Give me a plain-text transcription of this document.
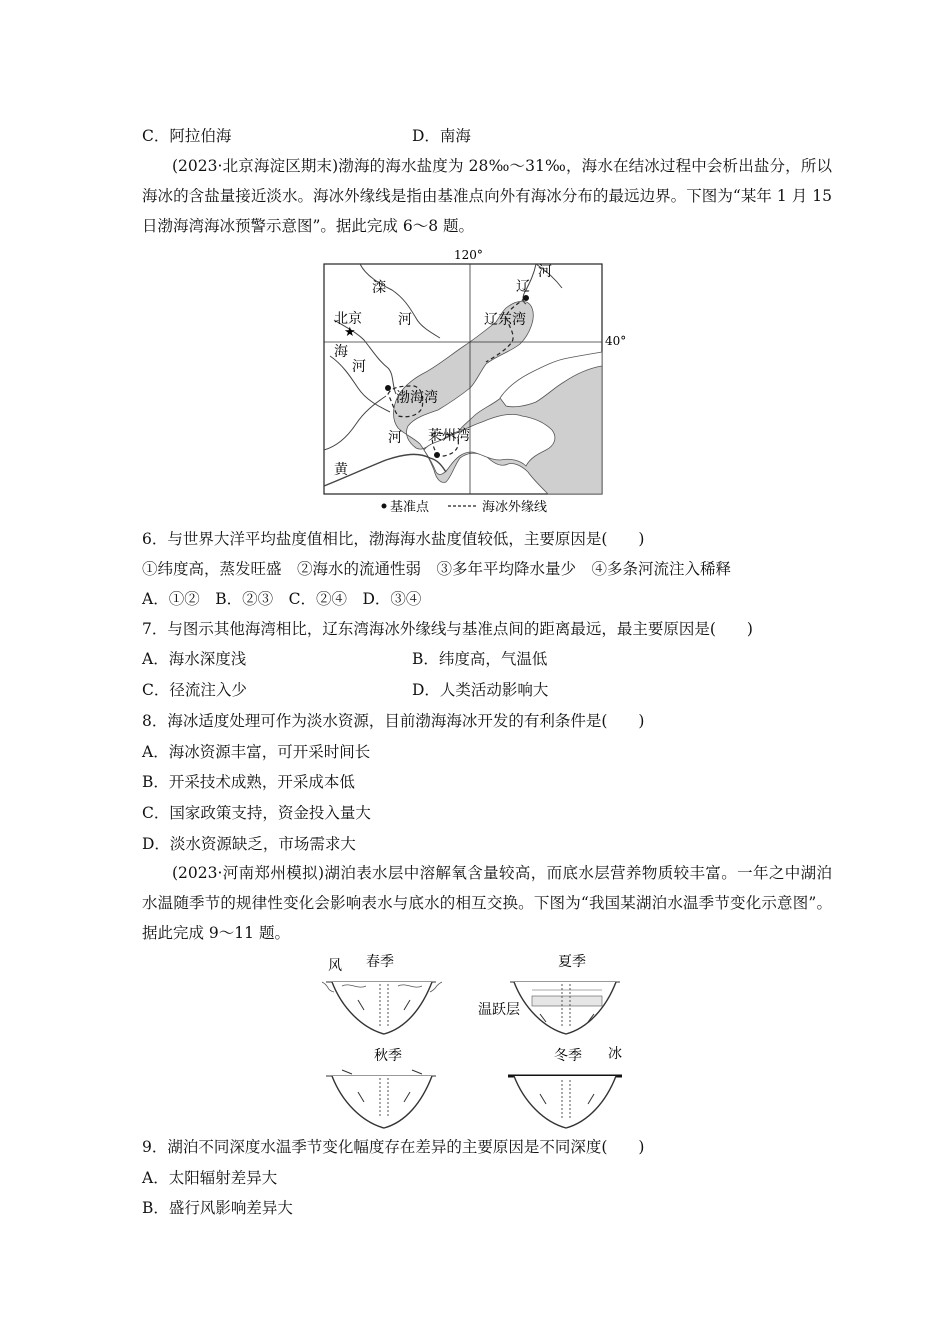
C．阿拉伯海	D．南海
(2023·北京海淀区期末)渤海的海水盐度为 28‰～31‰，海水在结冰过程中会析出盐分，所以海冰的含盐量接近淡水。海冰外缘线是指由基准点向外有海冰分布的最远边界。下图为“某年 1 月 15 日渤海湾海冰预警示意图”。据此完成 6～8 题。
120°
40°
★
滦
河
北京
海
河
辽
河
辽东湾
渤海湾
莱州湾
河
黄
基准点	海冰外缘线
6．与世界大洋平均盐度值相比，渤海海水盐度值较低，主要原因是(　　)
①纬度高，蒸发旺盛　②海水的流通性弱　③多年平均降水量少　④多条河流注入稀释
A．①②　B．②③　C．②④　D．③④
7．与图示其他海湾相比，辽东湾海冰外缘线与基准点间的距离最远，最主要原因是(　　)
A．海水深度浅	B．纬度高，气温低
C．径流注入少	D．人类活动影响大
8．海冰适度处理可作为淡水资源，目前渤海海冰开发的有利条件是(　　)
A．海冰资源丰富，可开采时间长
B．开采技术成熟，开采成本低
C．国家政策支持，资金投入量大
D．淡水资源缺乏，市场需求大
(2023·河南郑州模拟)湖泊表水层中溶解氧含量较高，而底水层营养物质较丰富。一年之中湖泊水温随季节的规律性变化会影响表水与底水的相互交换。下图为“我国某湖泊水温季节变化示意图”。据此完成 9～11 题。
风 春季	夏季
温跃层
秋季	冬季 冰
9．湖泊不同深度水温季节变化幅度存在差异的主要原因是不同深度(　　)
A．太阳辐射差异大
B．盛行风影响差异大
